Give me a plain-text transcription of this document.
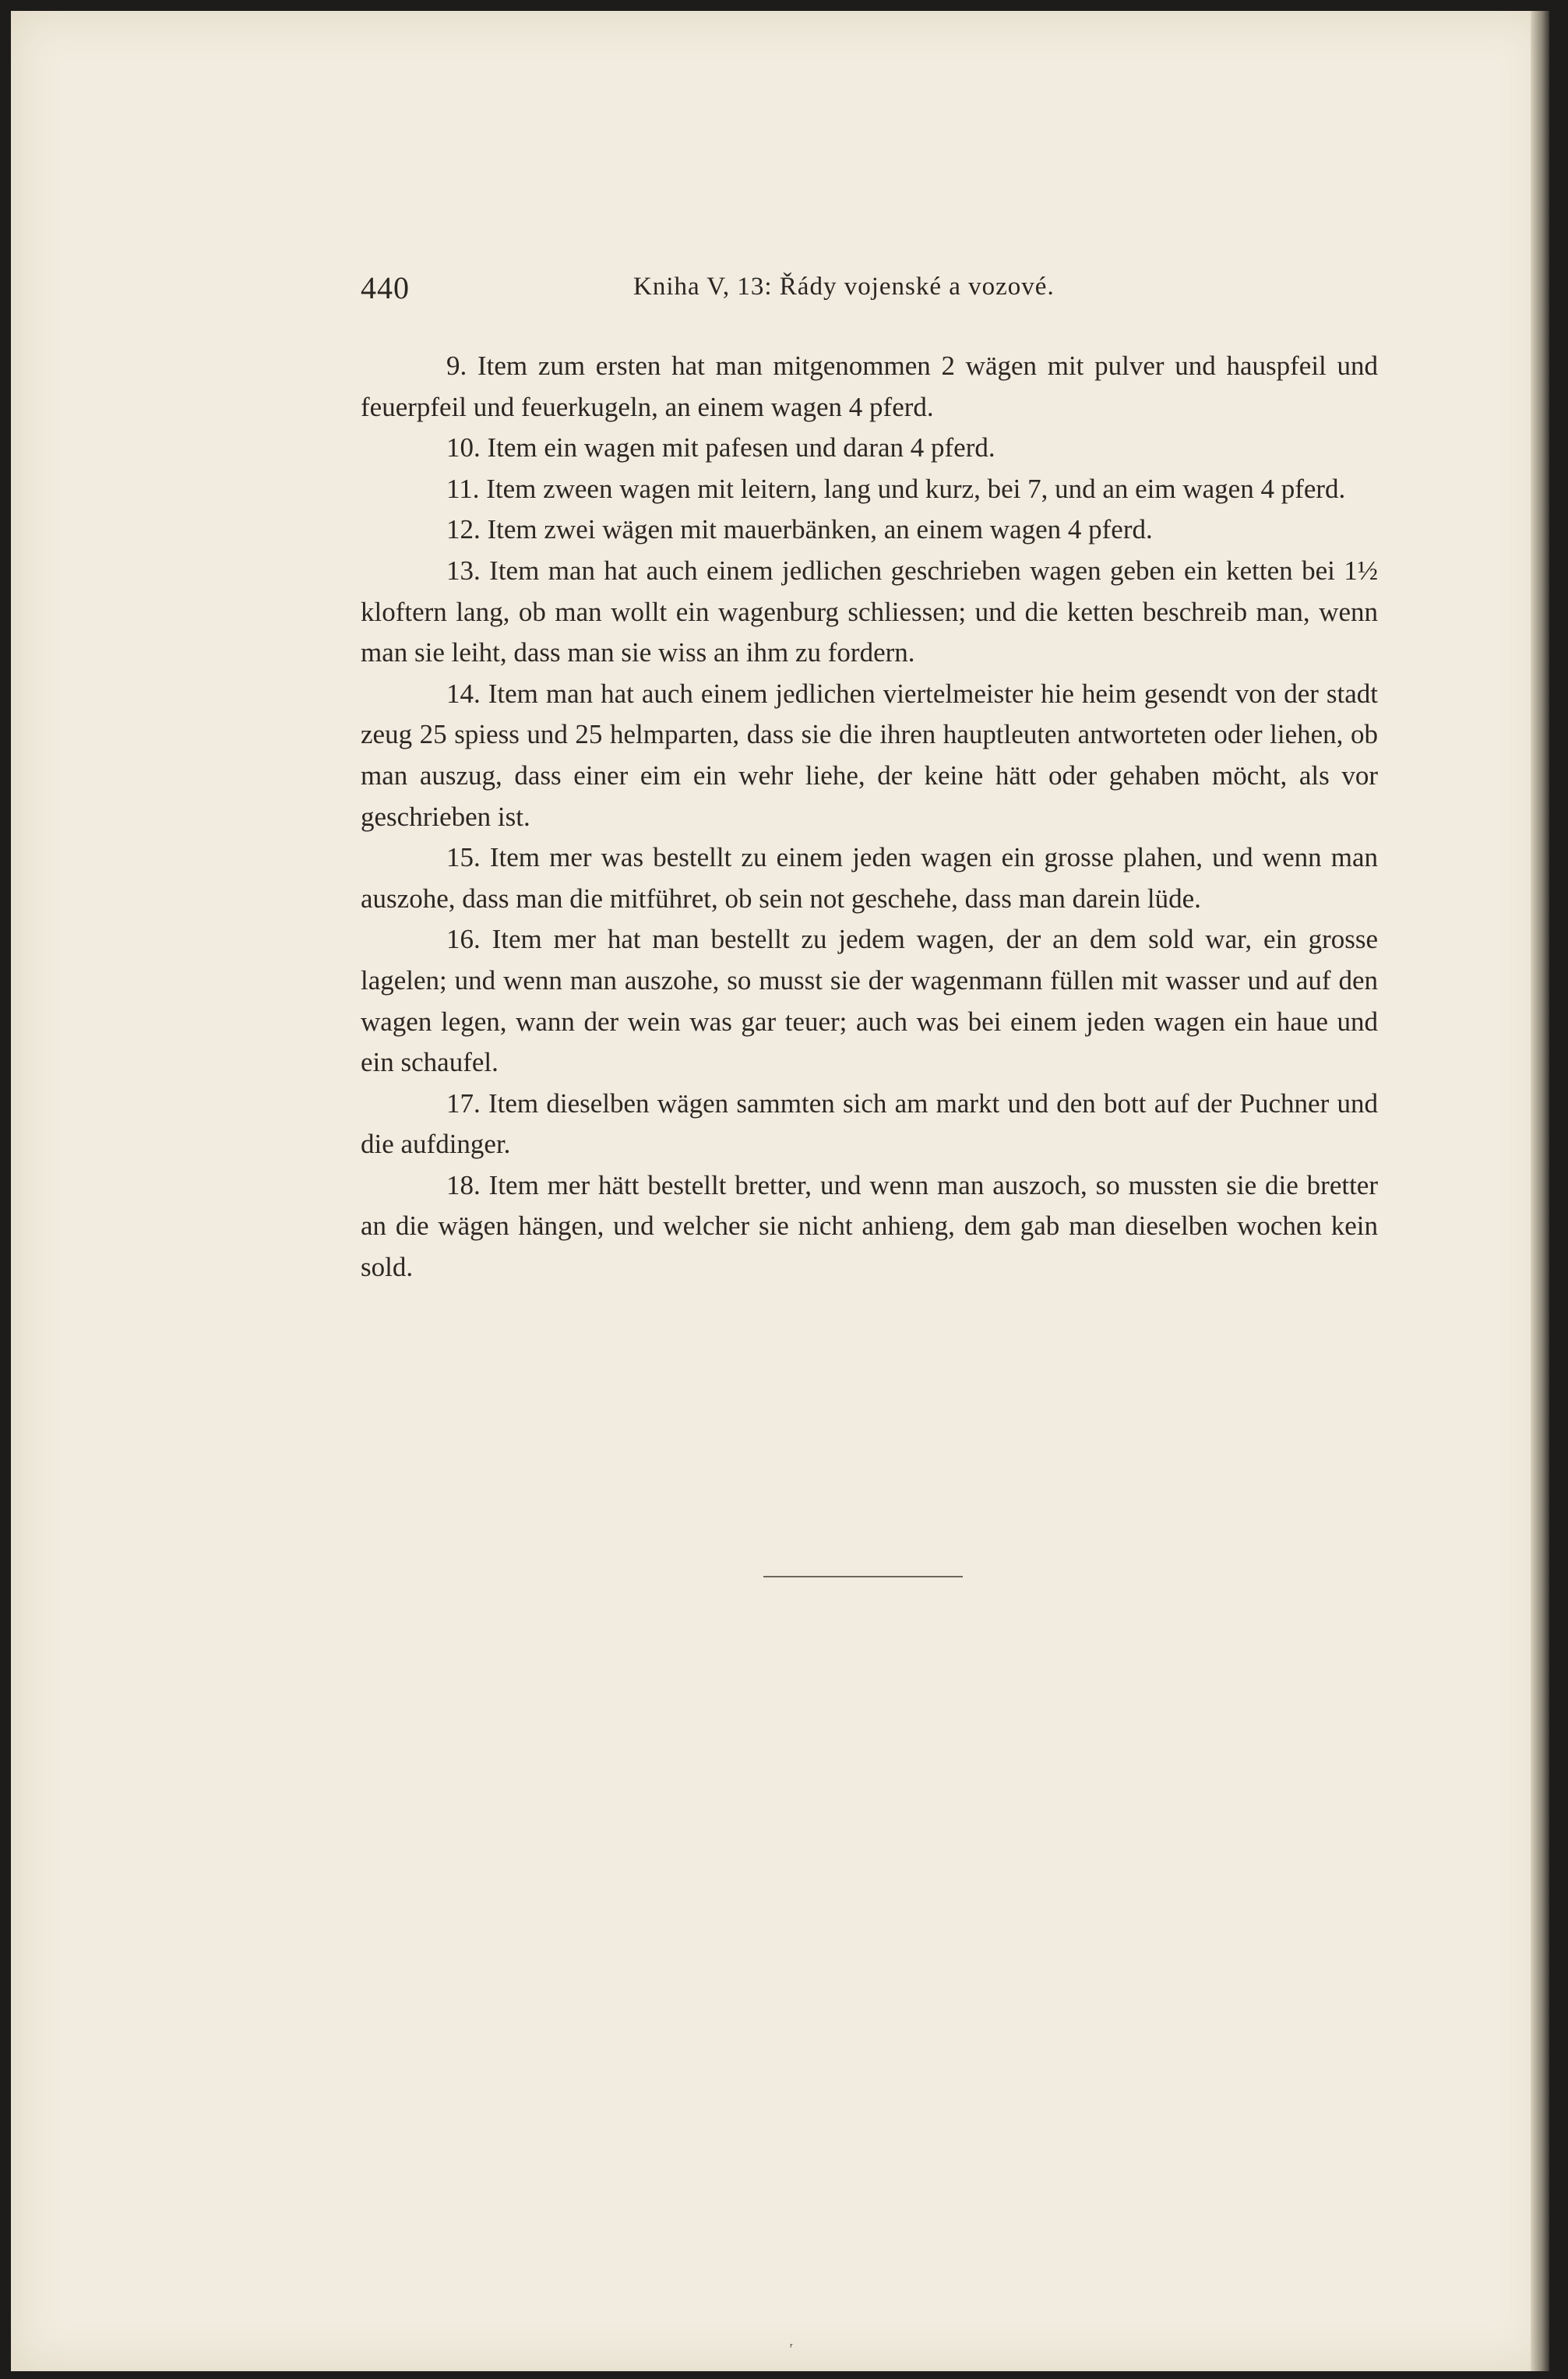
440	Kniha V, 13: Řády vojenské a vozové.

9. Item zum ersten hat man mitgenommen 2 wägen mit pulver und hauspfeil und feuerpfeil und feuerkugeln, an einem wagen 4 pferd.

10. Item ein wagen mit pafesen und daran 4 pferd.

11. Item zween wagen mit leitern, lang und kurz, bei 7, und an eim wagen 4 pferd.

12. Item zwei wägen mit mauerbänken, an einem wagen 4 pferd.

13. Item man hat auch einem jedlichen geschrieben wagen geben ein ketten bei 1½ kloftern lang, ob man wollt ein wagenburg schliessen; und die ketten beschreib man, wenn man sie leiht, dass man sie wiss an ihm zu fordern.

14. Item man hat auch einem jedlichen viertelmeister hie heim gesendt von der stadt zeug 25 spiess und 25 helmparten, dass sie die ihren hauptleuten antworteten oder liehen, ob man auszug, dass einer eim ein wehr liehe, der keine hätt oder gehaben möcht, als vor geschrieben ist.

15. Item mer was bestellt zu einem jeden wagen ein grosse plahen, und wenn man auszohe, dass man die mitführet, ob sein not geschehe, dass man darein lüde.

16. Item mer hat man bestellt zu jedem wagen, der an dem sold war, ein grosse lagelen; und wenn man auszohe, so musst sie der wagenmann füllen mit wasser und auf den wagen legen, wann der wein was gar teuer; auch was bei einem jeden wagen ein haue und ein schaufel.

17. Item dieselben wägen sammten sich am markt und den bott auf der Puchner und die aufdinger.

18. Item mer hätt bestellt bretter, und wenn man auszoch, so mussten sie die bretter an die wägen hängen, und welcher sie nicht anhieng, dem gab man dieselben wochen kein sold.

ʳ
